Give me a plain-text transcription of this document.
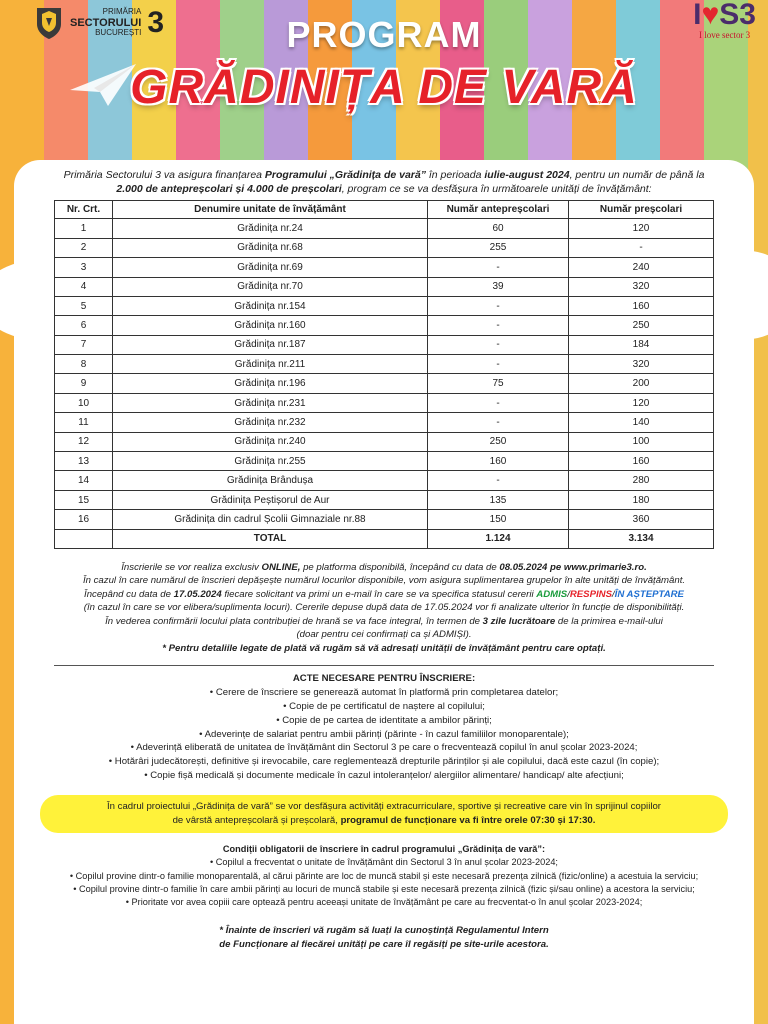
PRIMĂRIA
SECTORULUI
BUCUREȘTI 3	I♥S3
I love sector 3
PROGRAM
GRĂDINIȚA DE VARĂ

Primăria Sectorului 3 va asigura finanțarea Programului „Grădinița de vară” în perioada iulie-august 2024, pentru un număr de până la 2.000 de antepreșcolari și 4.000 de preșcolari, program ce se va desfășura în următoarele unități de învățământ:

Nr. Crt.	Denumire unitate de învățământ	Număr antepreșcolari	Număr preșcolari
1	Grădinița nr.24	60	120
2	Grădinița nr.68	255	-
3	Grădinița nr.69	-	240
4	Grădinița nr.70	39	320
5	Grădinița nr.154	-	160
6	Grădinița nr.160	-	250
7	Grădinița nr.187	-	184
8	Grădinița nr.211	-	320
9	Grădinița nr.196	75	200
10	Grădinița nr.231	-	120
11	Grădinița nr.232	-	140
12	Grădinița nr.240	250	100
13	Grădinița nr.255	160	160
14	Grădinița Brândușa	-	280
15	Grădinița Peștișorul de Aur	135	180
16	Grădinița din cadrul Școlii Gimnaziale nr.88	150	360
	TOTAL	1.124	3.134
Înscrierile se vor realiza exclusiv ONLINE, pe platforma disponibilă, începând cu data de 08.05.2024 pe www.primarie3.ro.
În cazul în care numărul de înscrieri depășește numărul locurilor disponibile, vom asigura suplimentarea grupelor în alte unități de învățământ.
Începând cu data de 17.05.2024 fiecare solicitant va primi un e-mail în care se va specifica statusul cererii ADMIS/RESPINS/ÎN AȘTEPTARE
(în cazul în care se vor elibera/suplimenta locuri). Cererile depuse după data de 17.05.2024 vor fi analizate ulterior în funcție de disponibilități.
În vederea confirmării locului plata contribuției de hrană se va face integral, în termen de 3 zile lucrătoare de la primirea e-mail-ului
(doar pentru cei confirmați ca și ADMIȘI).
* Pentru detaliile legate de plată vă rugăm să vă adresați unității de învățământ pentru care optați.
ACTE NECESARE PENTRU ÎNSCRIERE:
• Cerere de înscriere se generează automat în platformă prin completarea datelor;
• Copie de pe certificatul de naștere al copilului;
• Copie de pe cartea de identitate a ambilor părinți;
• Adeverințe de salariat pentru ambii părinți (părinte - în cazul familiilor monoparentale);
• Adeverință eliberată de unitatea de învățământ din Sectorul 3 pe care o frecventează copilul în anul școlar 2023-2024;
• Hotărâri judecătorești, definitive și irevocabile, care reglementează drepturile părinților și ale copilului, dacă este cazul (în copie);
• Copie fișă medicală și documente medicale în cazul intoleranțelor/ alergiilor alimentare/ handicap/ alte afecțiuni;
În cadrul proiectului „Grădinița de vară” se vor desfășura activități extracurriculare, sportive și recreative care vin în sprijinul copiilor
de vârstă antepreșcolară și preșcolară, programul de funcționare va fi între orele 07:30 și 17:30.
Condiții obligatorii de înscriere în cadrul programului „Grădinița de vară”:
• Copilul a frecventat o unitate de învățământ din Sectorul 3 în anul școlar 2023-2024;
• Copilul provine dintr-o familie monoparentală, al cărui părinte are loc de muncă stabil și este necesară prezența zilnică (fizic/online) a acestuia la serviciu;
• Copilul provine dintr-o familie în care ambii părinți au locuri de muncă stabile și este necesară prezența zilnică (fizic și/sau online) a acestora la serviciu;
• Prioritate vor avea copiii care optează pentru aceeași unitate de învățământ pe care au frecventat-o în anul școlar 2023-2024;
* Înainte de înscrieri vă rugăm să luați la cunoștință Regulamentul Intern
de Funcționare al fiecărei unități pe care îl regăsiți pe site-urile acestora.
